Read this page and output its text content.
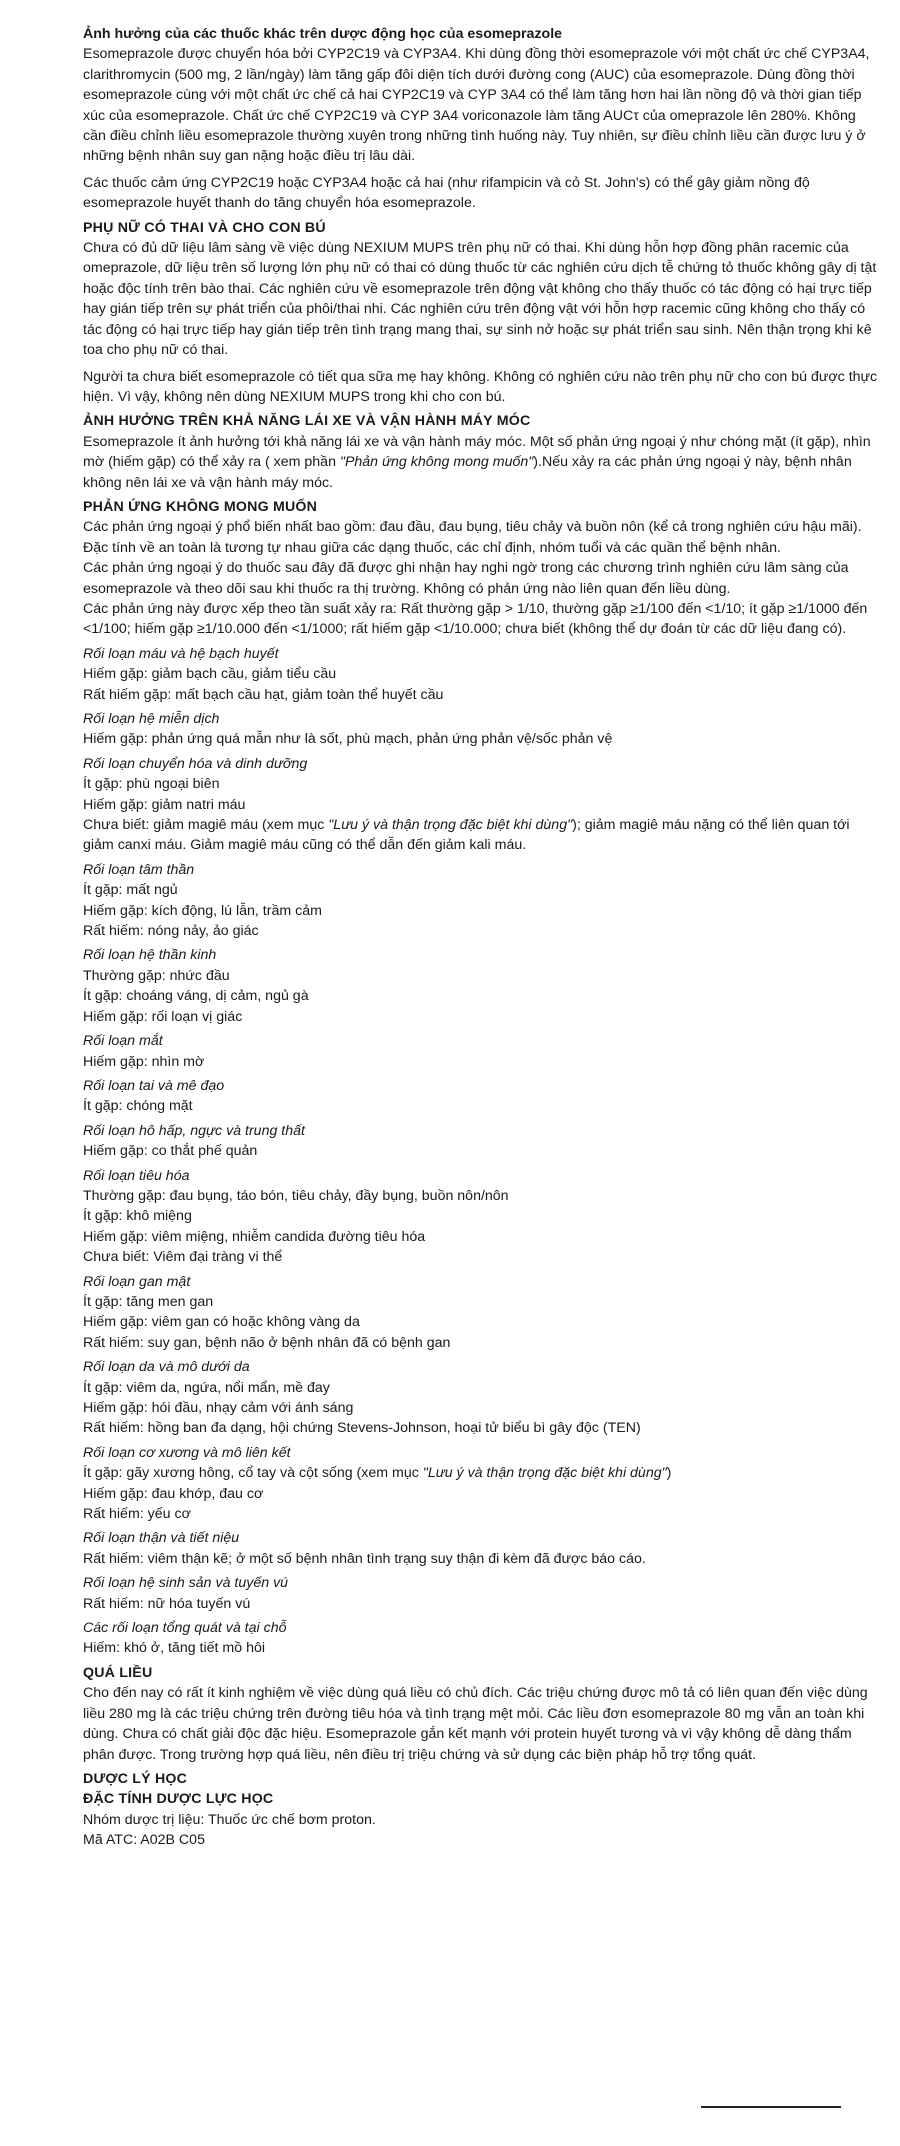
Ảnh hưởng của các thuốc khác trên dược động học của esomeprazole

Esomeprazole được chuyển hóa bởi CYP2C19 và CYP3A4. Khi dùng đồng thời esomeprazole với một chất ức chế CYP3A4, clarithromycin (500 mg, 2 lần/ngày) làm tăng gấp đôi diện tích dưới đường cong (AUC) của esomeprazole. Dùng đồng thời esomeprazole cùng với một chất ức chế cả hai CYP2C19 và CYP 3A4 có thể làm tăng hơn hai lần nồng độ và thời gian tiếp xúc của esomeprazole. Chất ức chế CYP2C19 và CYP 3A4 voriconazole làm tăng AUCτ của omeprazole lên 280%. Không cần điều chỉnh liều esomeprazole thường xuyên trong những tình huống này. Tuy nhiên, sự điều chỉnh liều cần được lưu ý ở những bệnh nhân suy gan nặng hoặc điều trị lâu dài.

Các thuốc cảm ứng CYP2C19 hoặc CYP3A4 hoặc cả hai (như rifampicin và cỏ St. John's) có thể gây giảm nồng độ esomeprazole huyết thanh do tăng chuyển hóa esomeprazole.

PHỤ NỮ CÓ THAI VÀ CHO CON BÚ

Chưa có đủ dữ liệu lâm sàng về việc dùng NEXIUM MUPS trên phụ nữ có thai. Khi dùng hỗn hợp đồng phân racemic của omeprazole, dữ liệu trên số lượng lớn phụ nữ có thai có dùng thuốc từ các nghiên cứu dịch tễ chứng tỏ thuốc không gây dị tật hoặc độc tính trên bào thai. Các nghiên cứu về esomeprazole trên động vật không cho thấy thuốc có tác động có hại trực tiếp hay gián tiếp trên sự phát triển của phôi/thai nhi. Các nghiên cứu trên động vật với hỗn hợp racemic cũng không cho thấy có tác động có hại trực tiếp hay gián tiếp trên tình trạng mang thai, sự sinh nở hoặc sự phát triển sau sinh. Nên thận trọng khi kê toa cho phụ nữ có thai.

Người ta chưa biết esomeprazole có tiết qua sữa mẹ hay không. Không có nghiên cứu nào trên phụ nữ cho con bú được thực hiện. Vì vậy, không nên dùng NEXIUM MUPS trong khi cho con bú.

ẢNH HƯỞNG TRÊN KHẢ NĂNG LÁI XE VÀ VẬN HÀNH MÁY MÓC

Esomeprazole ít ảnh hưởng tới khả năng lái xe và vận hành máy móc. Một số phản ứng ngoại ý như chóng mặt (ít gặp), nhìn mờ (hiếm gặp) có thể xảy ra ( xem phần "Phản ứng không mong muốn").Nếu xảy ra các phản ứng ngoại ý này, bệnh nhân không nên lái xe và vận hành máy móc.

PHẢN ỨNG KHÔNG MONG MUỐN

Các phản ứng ngoại ý phổ biến nhất bao gồm: đau đầu, đau bụng, tiêu chảy và buồn nôn (kể cả trong nghiên cứu hậu mãi). Đặc tính về an toàn là tương tự nhau giữa các dạng thuốc, các chỉ định, nhóm tuổi và các quần thể bệnh nhân.

Các phản ứng ngoại ý do thuốc sau đây đã được ghi nhận hay nghi ngờ trong các chương trình nghiên cứu lâm sàng của esomeprazole và theo dõi sau khi thuốc ra thị trường. Không có phản ứng nào liên quan đến liều dùng.

Các phản ứng này được xếp theo tần suất xảy ra: Rất thường gặp > 1/10, thường gặp ≥1/100 đến <1/10; ít gặp ≥1/1000 đến <1/100; hiếm gặp ≥1/10.000 đến <1/1000; rất hiếm gặp <1/10.000; chưa biết (không thể dự đoán từ các dữ liệu đang có).

Rối loạn máu và hệ bạch huyết

Hiếm gặp: giảm bạch cầu, giảm tiểu cầu

Rất hiếm gặp: mất bạch cầu hạt, giảm toàn thể huyết cầu

Rối loạn hệ miễn dịch

Hiếm gặp: phản ứng quá mẫn như là sốt, phù mạch, phản ứng phản vệ/sốc phản vệ

Rối loạn chuyển hóa và dinh dưỡng

Ít gặp: phù ngoại biên

Hiếm gặp: giảm natri máu

Chưa biết: giảm magiê máu (xem mục "Lưu ý và thận trọng đặc biệt khi dùng"); giảm magiê máu nặng có thể liên quan tới giảm canxi máu. Giảm magiê máu cũng có thể dẫn đến giảm kali máu.

Rối loạn tâm thần

Ít gặp: mất ngủ

Hiếm gặp: kích động, lú lẫn, trầm cảm

Rất hiếm: nóng nảy, ảo giác

Rối loạn hệ thần kinh

Thường gặp: nhức đầu

Ít gặp: choáng váng, dị cảm, ngủ gà

Hiếm gặp: rối loạn vị giác

Rối loạn mắt

Hiếm gặp: nhìn mờ

Rối loạn tai và mê đạo

Ít gặp: chóng mặt

Rối loạn hô hấp, ngực và trung thất

Hiếm gặp: co thắt phế quản

Rối loạn tiêu hóa

Thường gặp: đau bụng, táo bón, tiêu chảy, đầy bụng, buồn nôn/nôn

Ít gặp: khô miệng

Hiếm gặp: viêm miệng, nhiễm candida đường tiêu hóa

Chưa biết: Viêm đại tràng vi thể

Rối loạn gan mật

Ít gặp: tăng men gan

Hiếm gặp: viêm gan có hoặc không vàng da

Rất hiếm: suy gan, bệnh não ở bệnh nhân đã có bệnh gan

Rối loạn da và mô dưới da

Ít gặp: viêm da, ngứa, nổi mẩn, mề đay

Hiếm gặp: hói đầu, nhạy cảm với ánh sáng

Rất hiếm: hồng ban đa dạng, hội chứng Stevens-Johnson, hoại tử biểu bì gây độc (TEN)

Rối loạn cơ xương và mô liên kết

Ít gặp: gãy xương hông, cổ tay và cột sống (xem mục "Lưu ý và thận trọng đặc biệt khi dùng")

Hiếm gặp: đau khớp, đau cơ

Rất hiếm: yếu cơ

Rối loạn thận và tiết niệu

Rất hiếm: viêm thận kẽ; ở một số bệnh nhân tình trạng suy thận đi kèm đã được báo cáo.

Rối loạn hệ sinh sản và tuyến vú

Rất hiếm: nữ hóa tuyến vú

Các rối loạn tổng quát và tại chỗ

Hiếm: khó ở, tăng tiết mồ hôi

QUÁ LIỀU

Cho đến nay có rất ít kinh nghiệm về việc dùng quá liều có chủ đích. Các triệu chứng được mô tả có liên quan đến việc dùng liều 280 mg là các triệu chứng trên đường tiêu hóa và tình trạng mệt mỏi. Các liều đơn esomeprazole 80 mg vẫn an toàn khi dùng. Chưa có chất giải độc đặc hiệu. Esomeprazole gắn kết mạnh với protein huyết tương và vì vậy không dễ dàng thẩm phân được. Trong trường hợp quá liều, nên điều trị triệu chứng và sử dụng các biện pháp hỗ trợ tổng quát.

DƯỢC LÝ HỌC

ĐẶC TÍNH DƯỢC LỰC HỌC

Nhóm dược trị liệu: Thuốc ức chế bơm proton.

Mã ATC: A02B C05
